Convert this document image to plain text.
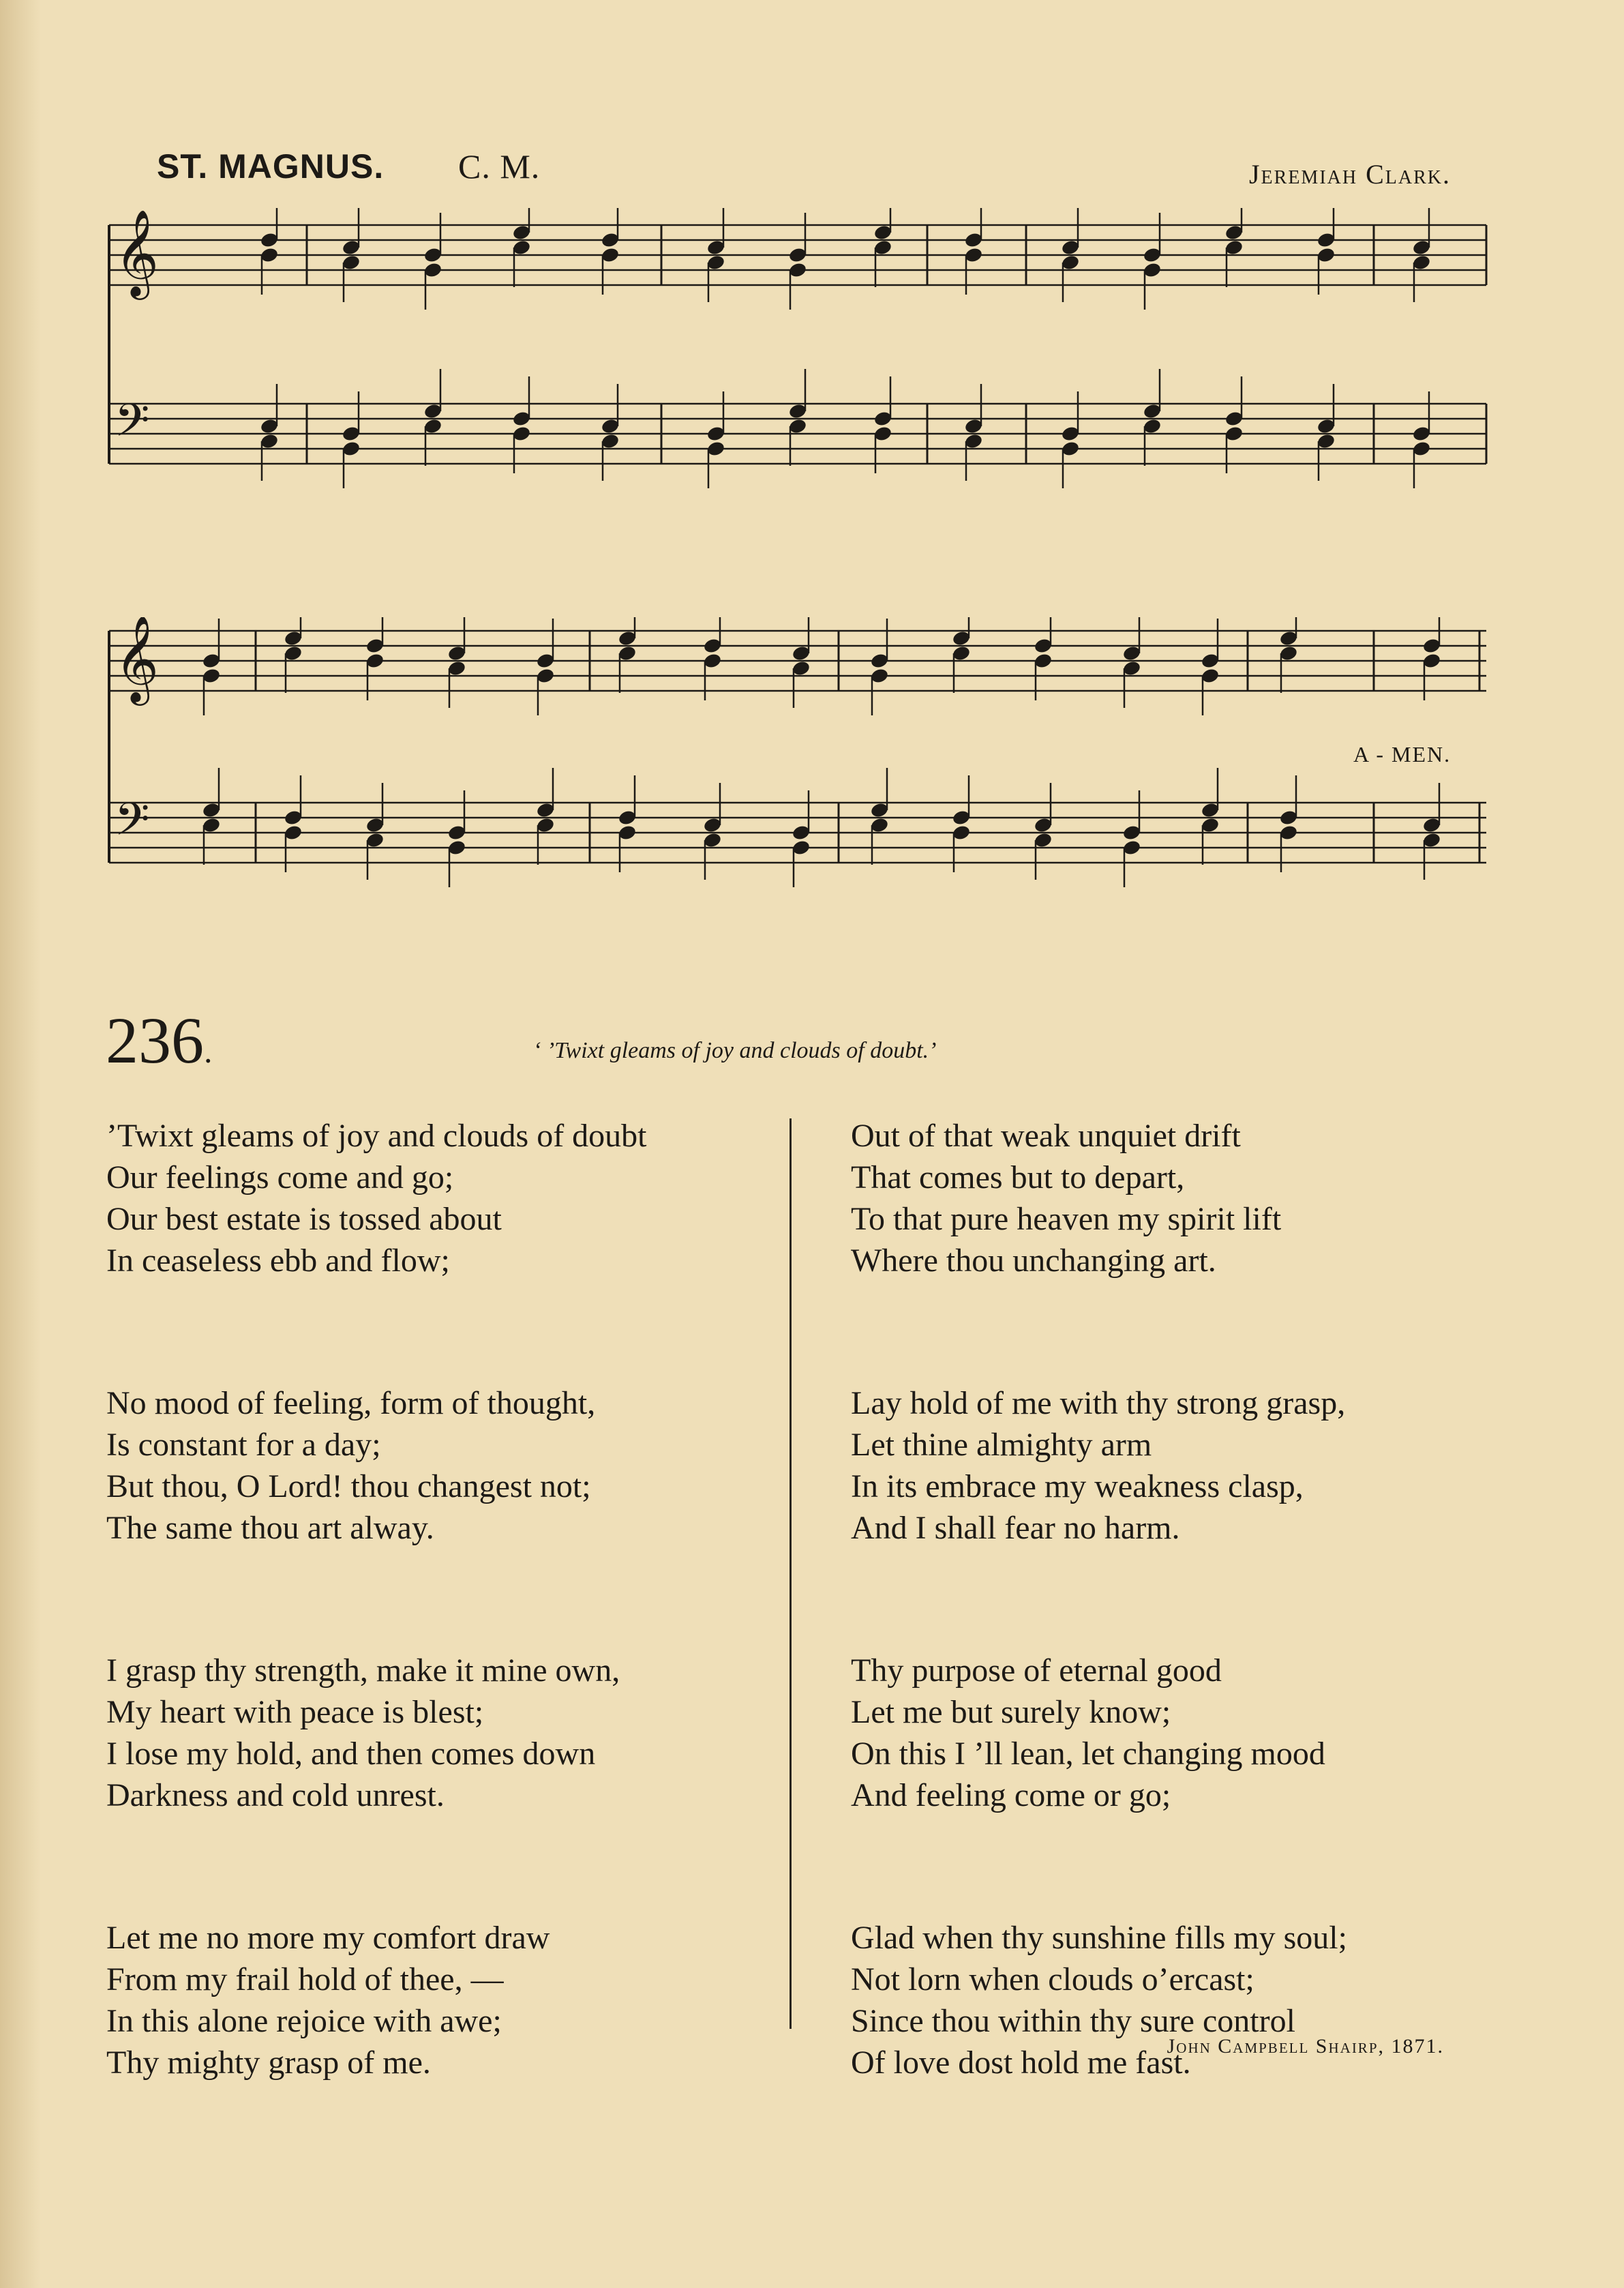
ST. MAGNUS. C. M.	Jeremiah Clark.
𝄞
𝄢
𝄞
𝄢
A - MEN.
236.	‘ ’Twixt gleams of joy and clouds of doubt.’
’Twixt gleams of joy and clouds of doubt
Our feelings come and go;
Our best estate is tossed about
In ceaseless ebb and flow;
No mood of feeling, form of thought,
Is constant for a day;
But thou, O Lord! thou changest not;
The same thou art alway.
I grasp thy strength, make it mine own,
My heart with peace is blest;
I lose my hold, and then comes down
Darkness and cold unrest.
Let me no more my comfort draw
From my frail hold of thee, —
In this alone rejoice with awe;
Thy mighty grasp of me.
Out of that weak unquiet drift
That comes but to depart,
To that pure heaven my spirit lift
Where thou unchanging art.
Lay hold of me with thy strong grasp,
Let thine almighty arm
In its embrace my weakness clasp,
And I shall fear no harm.
Thy purpose of eternal good
Let me but surely know;
On this I ’ll lean, let changing mood
And feeling come or go;
Glad when thy sunshine fills my soul;
Not lorn when clouds o’ercast;
Since thou within thy sure control
Of love dost hold me fast.
John Campbell Shairp, 1871.
